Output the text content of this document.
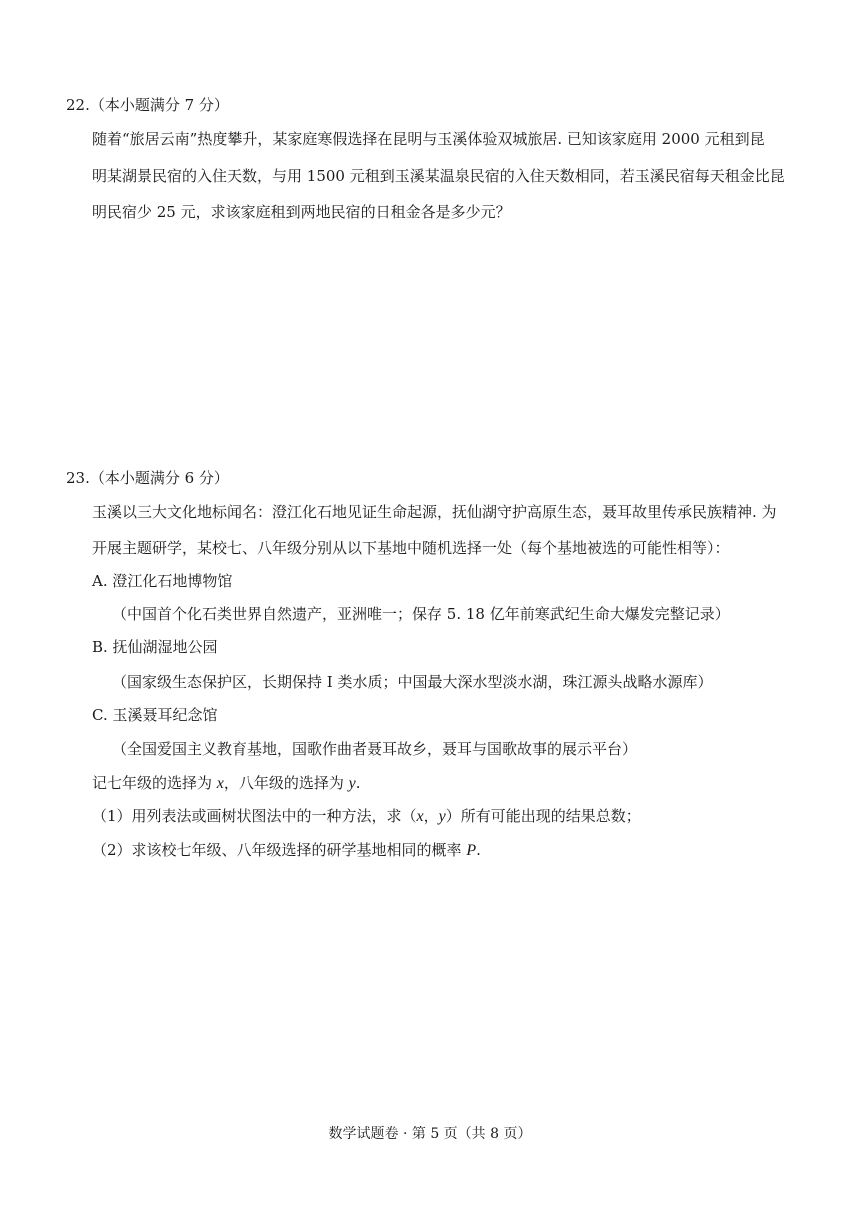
22.（本小题满分 7 分）
随着“旅居云南”热度攀升，某家庭寒假选择在昆明与玉溪体验双城旅居. 已知该家庭用 2000 元租到昆
明某湖景民宿的入住天数，与用 1500 元租到玉溪某温泉民宿的入住天数相同，若玉溪民宿每天租金比昆
明民宿少 25 元，求该家庭租到两地民宿的日租金各是多少元？
23.（本小题满分 6 分）
玉溪以三大文化地标闻名：澄江化石地见证生命起源，抚仙湖守护高原生态，聂耳故里传承民族精神. 为
开展主题研学，某校七、八年级分别从以下基地中随机选择一处（每个基地被选的可能性相等）：
A. 澄江化石地博物馆
（中国首个化石类世界自然遗产，亚洲唯一；保存 5. 18 亿年前寒武纪生命大爆发完整记录）
B. 抚仙湖湿地公园
（国家级生态保护区，长期保持 Ⅰ 类水质；中国最大深水型淡水湖，珠江源头战略水源库）
C. 玉溪聂耳纪念馆
（全国爱国主义教育基地，国歌作曲者聂耳故乡，聂耳与国歌故事的展示平台）
记七年级的选择为 x，八年级的选择为 y.
（1）用列表法或画树状图法中的一种方法，求（x，y）所有可能出现的结果总数；
（2）求该校七年级、八年级选择的研学基地相同的概率 P.
数学试题卷 · 第 5 页（共 8 页）
